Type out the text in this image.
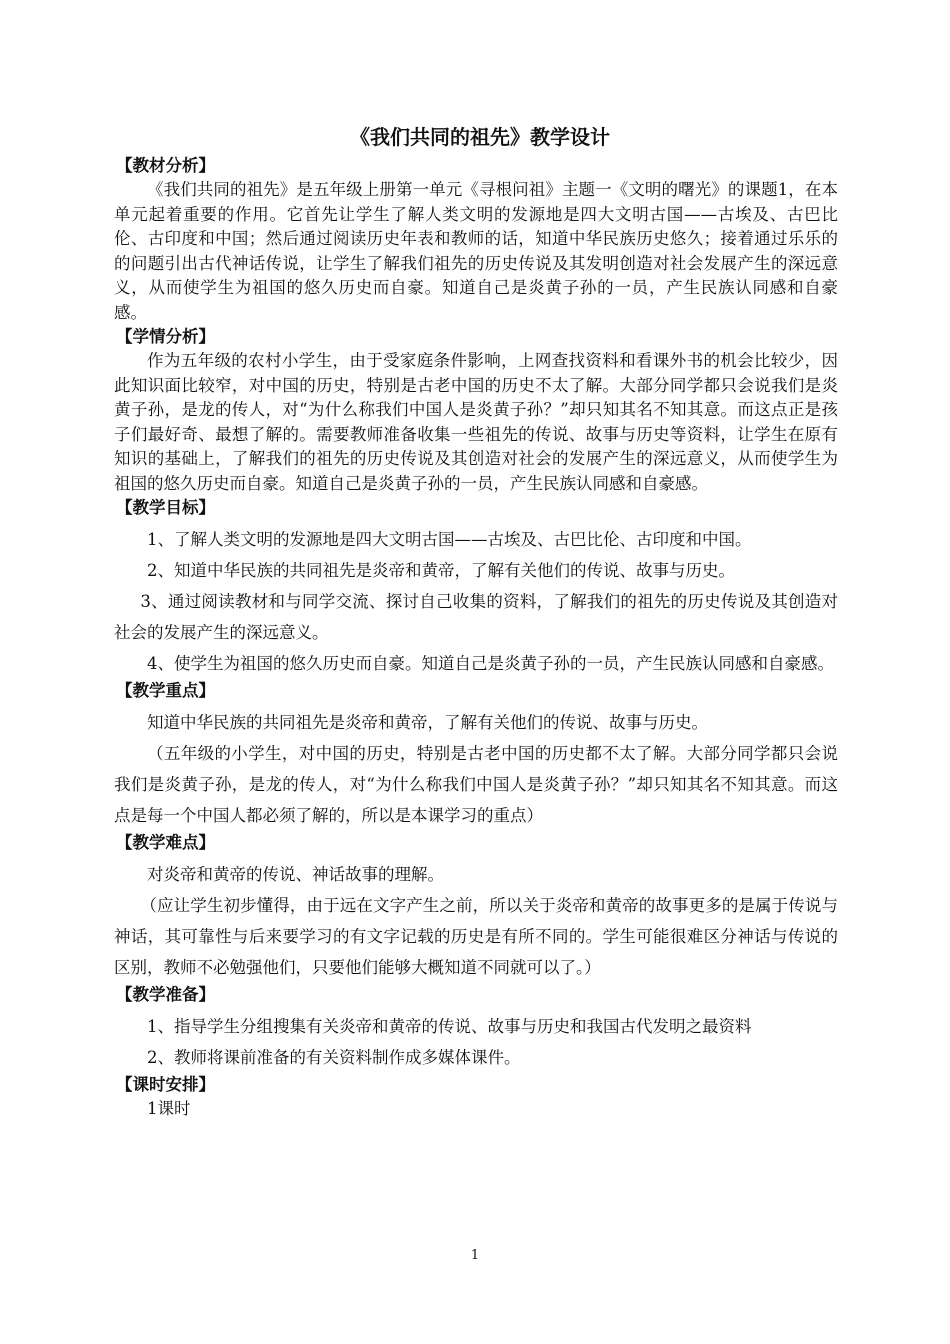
《我们共同的祖先》教学设计
【教材分析】

《我们共同的祖先》是五年级上册第一单元《寻根问祖》主题一《文明的曙光》的课题1，在本单元起着重要的作用。它首先让学生了解人类文明的发源地是四大文明古国——古埃及、古巴比伦、古印度和中国；然后通过阅读历史年表和教师的话，知道中华民族历史悠久；接着通过乐乐的的问题引出古代神话传说，让学生了解我们祖先的历史传说及其发明创造对社会发展产生的深远意义，从而使学生为祖国的悠久历史而自豪。知道自己是炎黄子孙的一员，产生民族认同感和自豪感。

【学情分析】

作为五年级的农村小学生，由于受家庭条件影响，上网查找资料和看课外书的机会比较少，因此知识面比较窄，对中国的历史，特别是古老中国的历史不太了解。大部分同学都只会说我们是炎黄子孙，是龙的传人，对“为什么称我们中国人是炎黄子孙？”却只知其名不知其意。而这点正是孩子们最好奇、最想了解的。需要教师准备收集一些祖先的传说、故事与历史等资料，让学生在原有知识的基础上，了解我们的祖先的历史传说及其创造对社会的发展产生的深远意义，从而使学生为祖国的悠久历史而自豪。知道自己是炎黄子孙的一员，产生民族认同感和自豪感。

【教学目标】

1、了解人类文明的发源地是四大文明古国——古埃及、古巴比伦、古印度和中国。

2、知道中华民族的共同祖先是炎帝和黄帝，了解有关他们的传说、故事与历史。

3、通过阅读教材和与同学交流、探讨自己收集的资料，了解我们的祖先的历史传说及其创造对社会的发展产生的深远意义。

4、使学生为祖国的悠久历史而自豪。知道自己是炎黄子孙的一员，产生民族认同感和自豪感。

【教学重点】

知道中华民族的共同祖先是炎帝和黄帝，了解有关他们的传说、故事与历史。

（五年级的小学生，对中国的历史，特别是古老中国的历史都不太了解。大部分同学都只会说我们是炎黄子孙，是龙的传人，对“为什么称我们中国人是炎黄子孙？”却只知其名不知其意。而这点是每一个中国人都必须了解的，所以是本课学习的重点）

【教学难点】

对炎帝和黄帝的传说、神话故事的理解。

（应让学生初步懂得，由于远在文字产生之前，所以关于炎帝和黄帝的故事更多的是属于传说与神话，其可靠性与后来要学习的有文字记载的历史是有所不同的。学生可能很难区分神话与传说的区别，教师不必勉强他们，只要他们能够大概知道不同就可以了。）

【教学准备】

1、指导学生分组搜集有关炎帝和黄帝的传说、故事与历史和我国古代发明之最资料

2、教师将课前准备的有关资料制作成多媒体课件。

【课时安排】

1课时

1
